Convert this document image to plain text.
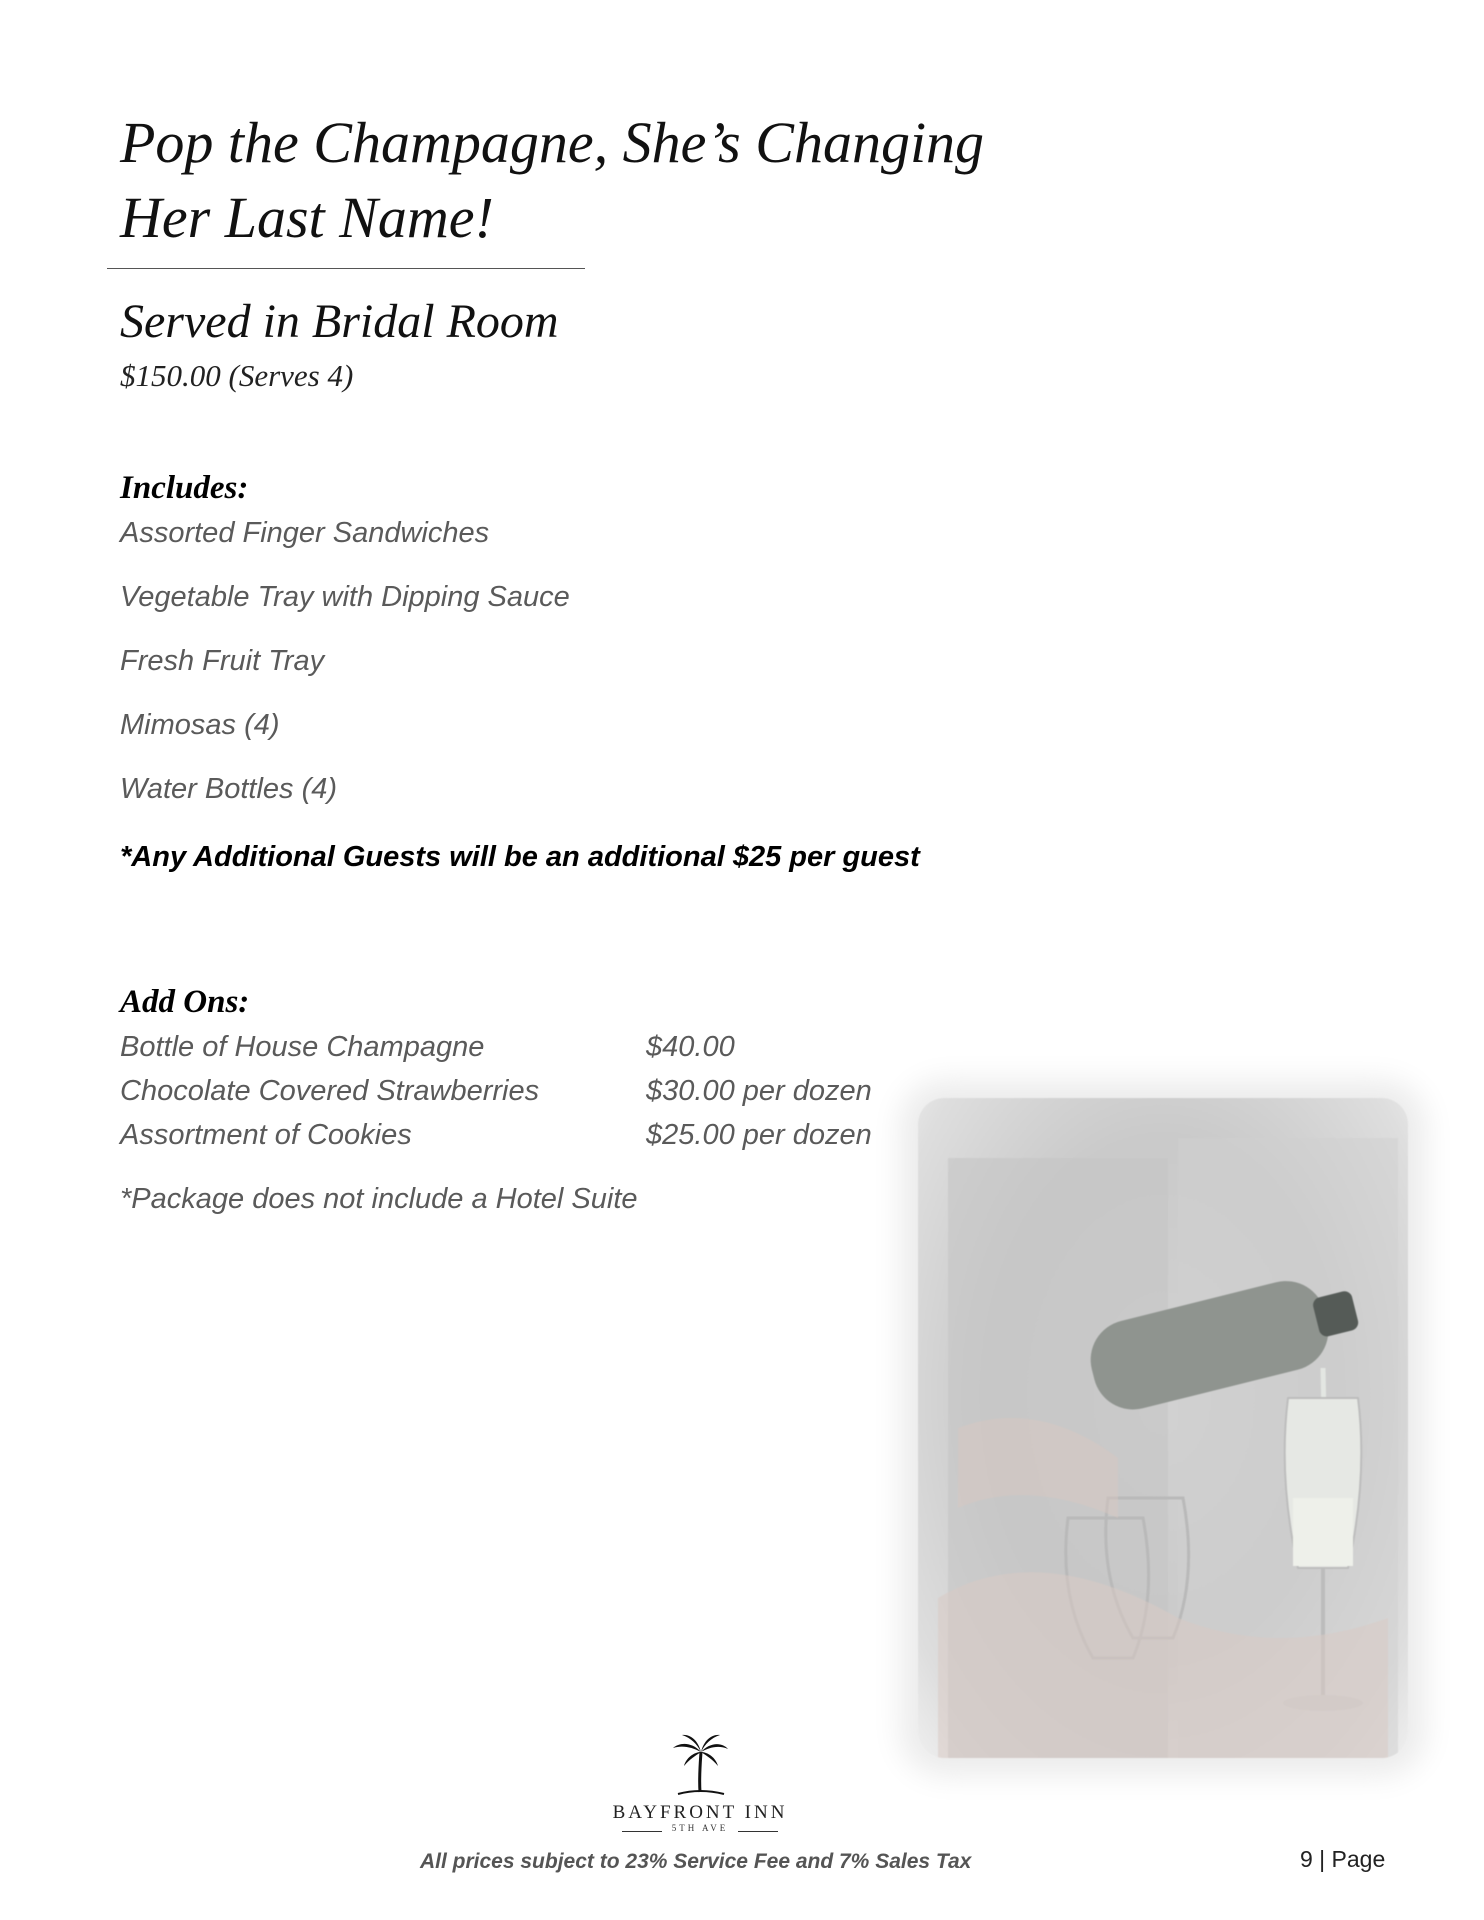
Pop the Champagne, She’s Changing
Her Last Name!
Served in Bridal Room
$150.00 (Serves 4)
Includes:
Assorted Finger Sandwiches
Vegetable Tray with Dipping Sauce
Fresh Fruit Tray
Mimosas (4)
Water Bottles (4)
*Any Additional Guests will be an additional $25 per guest
Add Ons:
Bottle of House Champagne	$40.00
Chocolate Covered Strawberries	$30.00 per dozen
Assortment of Cookies	$25.00 per dozen
*Package does not include a Hotel Suite
BAYFRONT INN
5TH AVE
All prices subject to 23% Service Fee and 7% Sales Tax	9 | Page
